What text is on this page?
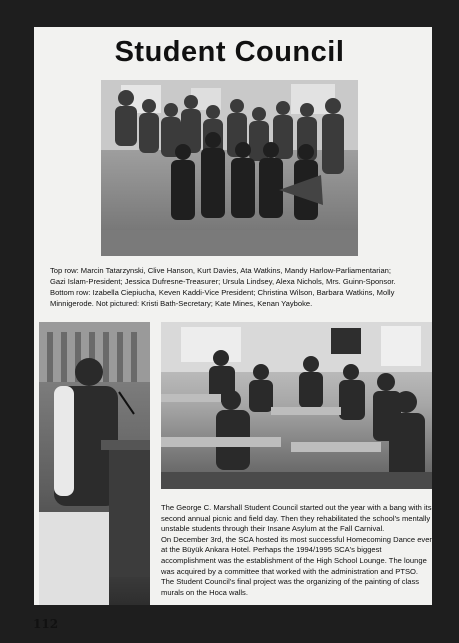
Student Council
Top row: Marcin Tatarzynski, Clive Hanson, Kurt Davies, Ata Watkins, Mandy Harlow-Parliamentarian; Gazi Islam-President; Jessica Dufresne-Treasurer; Ursula Lindsey, Alexa Nichols, Mrs. Guinn-Sponsor. Bottom row: Izabella Ciepiucha, Keven Kaddi-Vice President; Christina Wilson, Barbara Watkins, Molly Minnigerode. Not pictured: Kristi Bath-Secretary; Kate Mines, Kenan Yayboke.

The George C. Marshall Student Council started out the year with a bang with its second annual picnic and field day. Then they rehabilitated the school's mentally unstable students through their Insane Asylum at the Fall Carnival.

On December 3rd, the SCA hosted its most successful Homecoming Dance ever at the Büyük Ankara Hotel. Perhaps the 1994/1995 SCA's biggest accomplishment was the establishment of the High School Lounge. The lounge was acquired by a committee that worked with the administration and PTSO. The Student Council's final project was the organizing of the painting of class murals on the Hoca walls.

112
